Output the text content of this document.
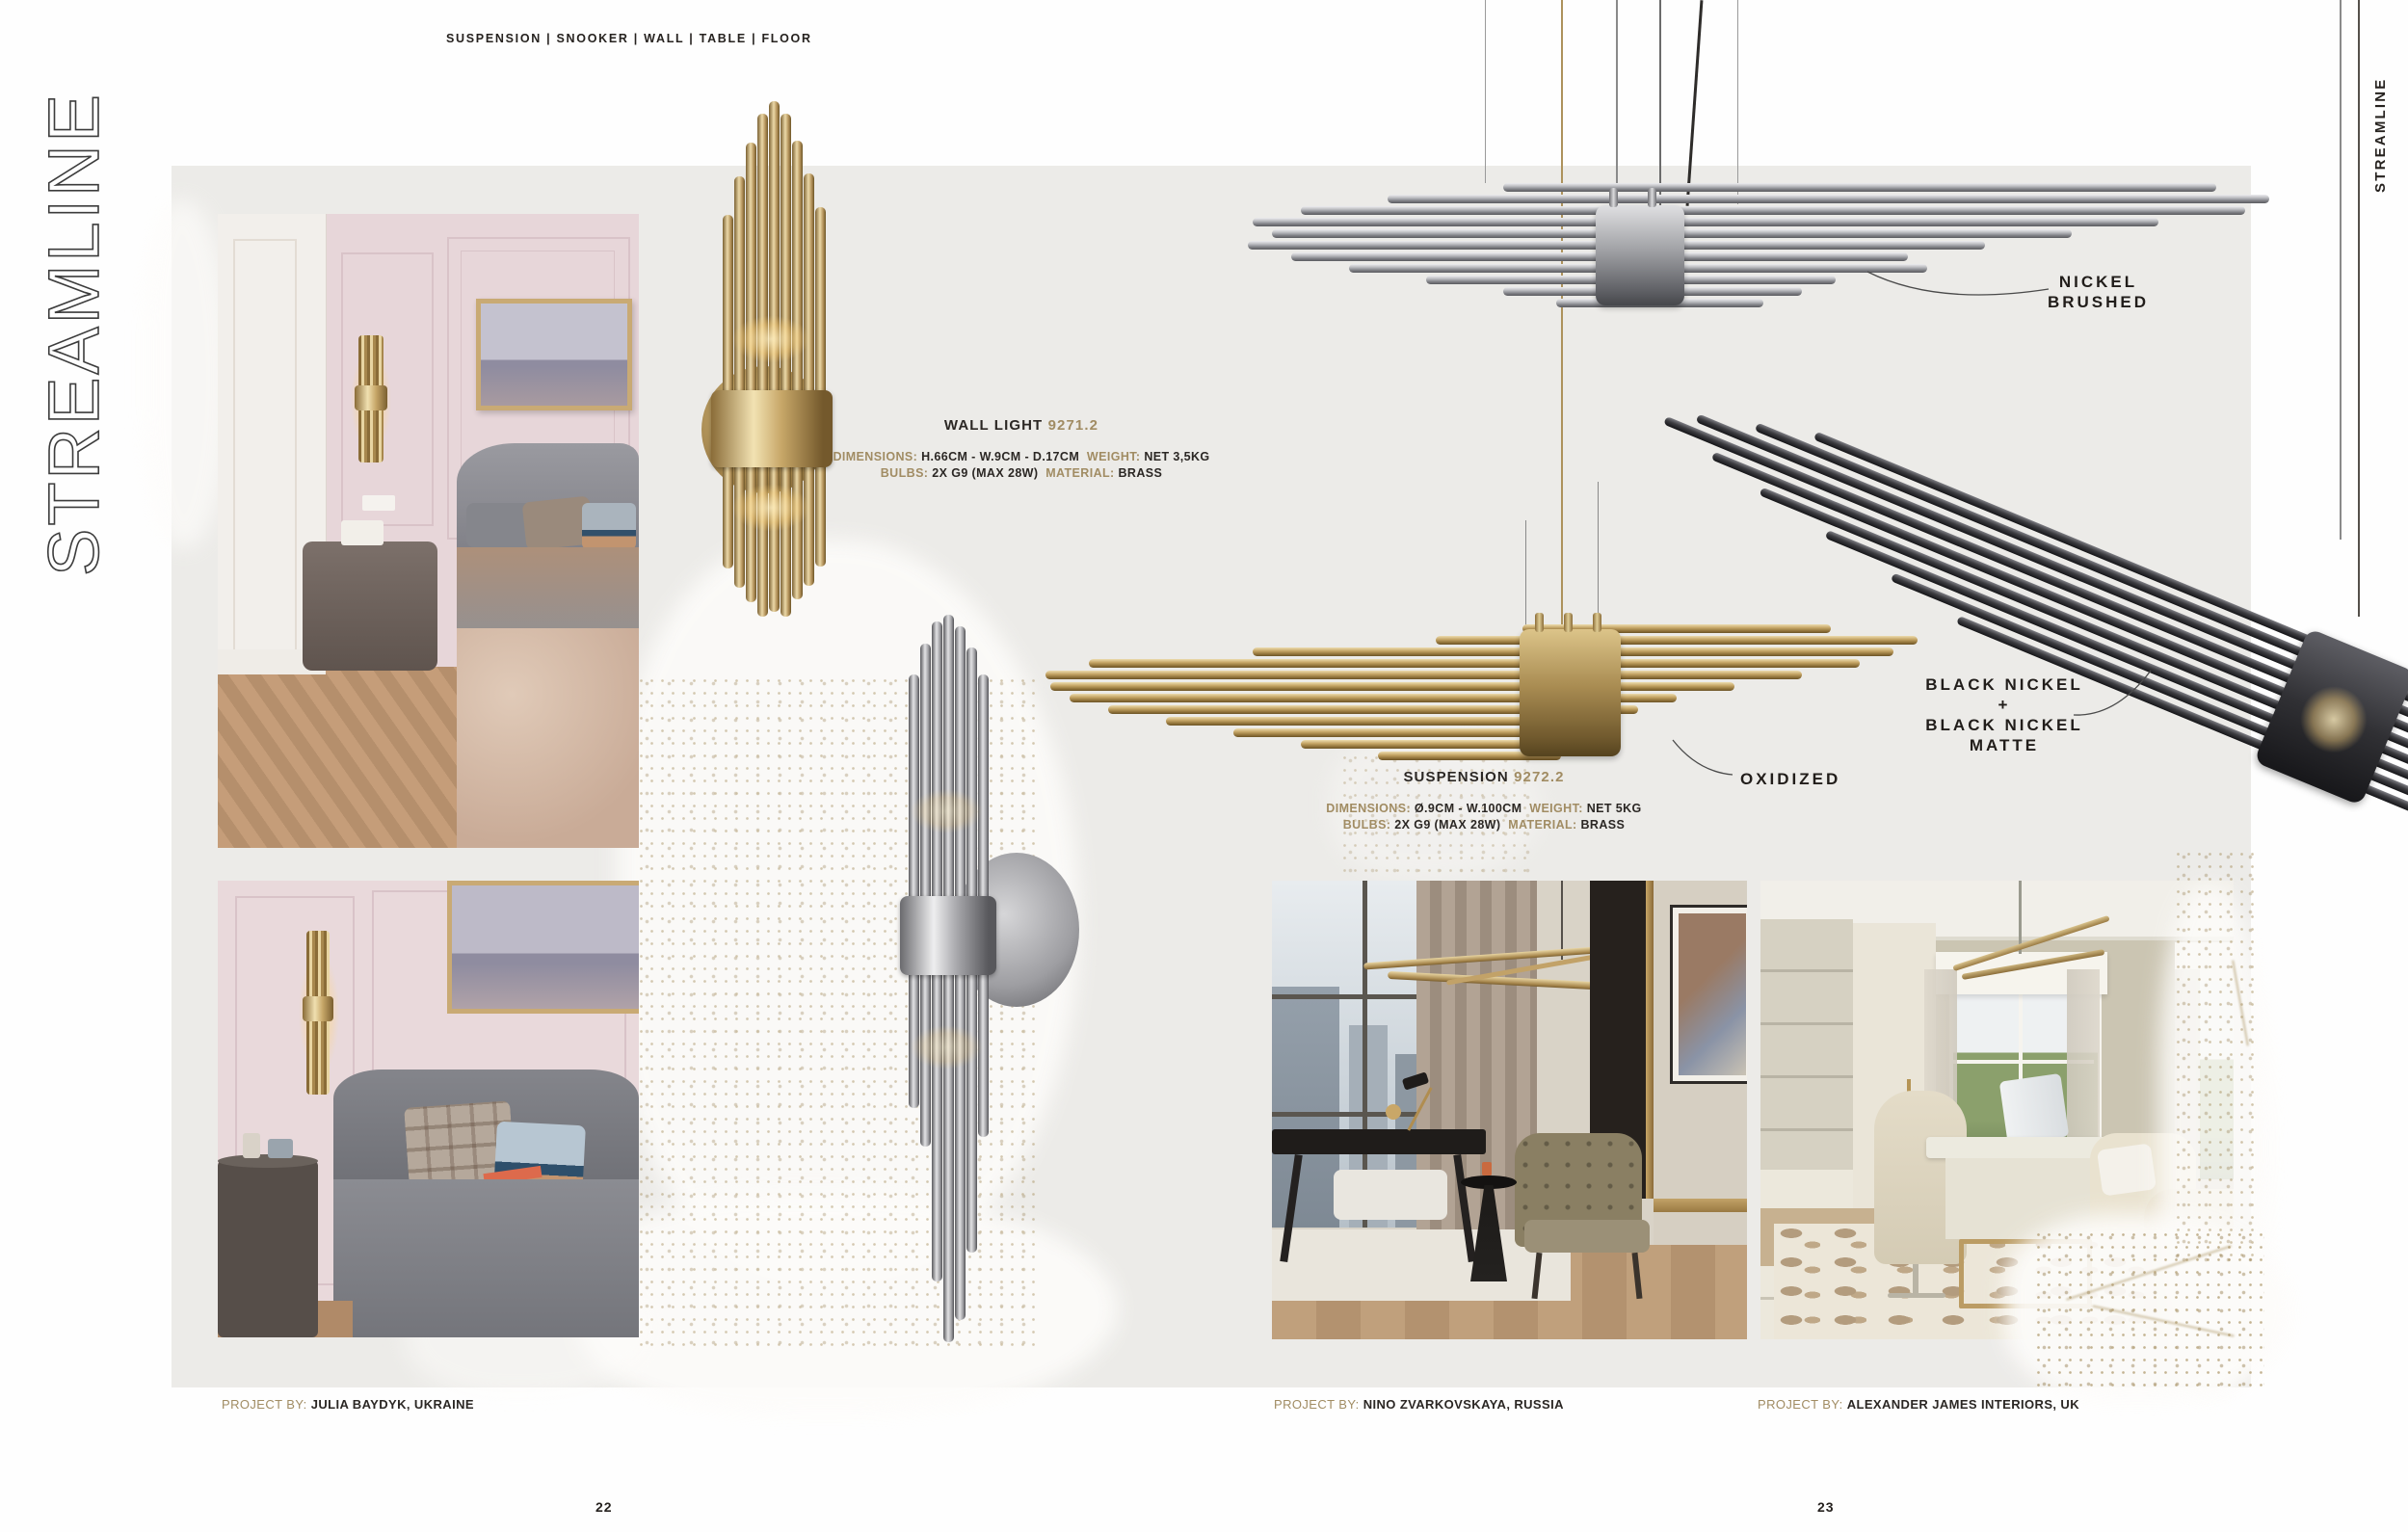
STREAMLINE
SUSPENSION | SNOOKER | WALL | TABLE | FLOOR
STREAMLINE
WALL LIGHT 9271.2
DIMENSIONS: H.66CM - W.9CM - D.17CM WEIGHT: NET 3,5KG
BULBS: 2X G9 (MAX 28W) MATERIAL: BRASS
SUSPENSION 9272.2
DIMENSIONS: Ø.9CM - W.100CM WEIGHT: NET 5KG
BULBS: 2X G9 (MAX 28W) MATERIAL: BRASS
NICKEL
BRUSHED
OXIDIZED
BLACK NICKEL
+
BLACK NICKEL
MATTE
PROJECT BY: JULIA BAYDYK, UKRAINE	PROJECT BY: NINO ZVARKOVSKAYA, RUSSIA	PROJECT BY: ALEXANDER JAMES INTERIORS, UK
22	23
